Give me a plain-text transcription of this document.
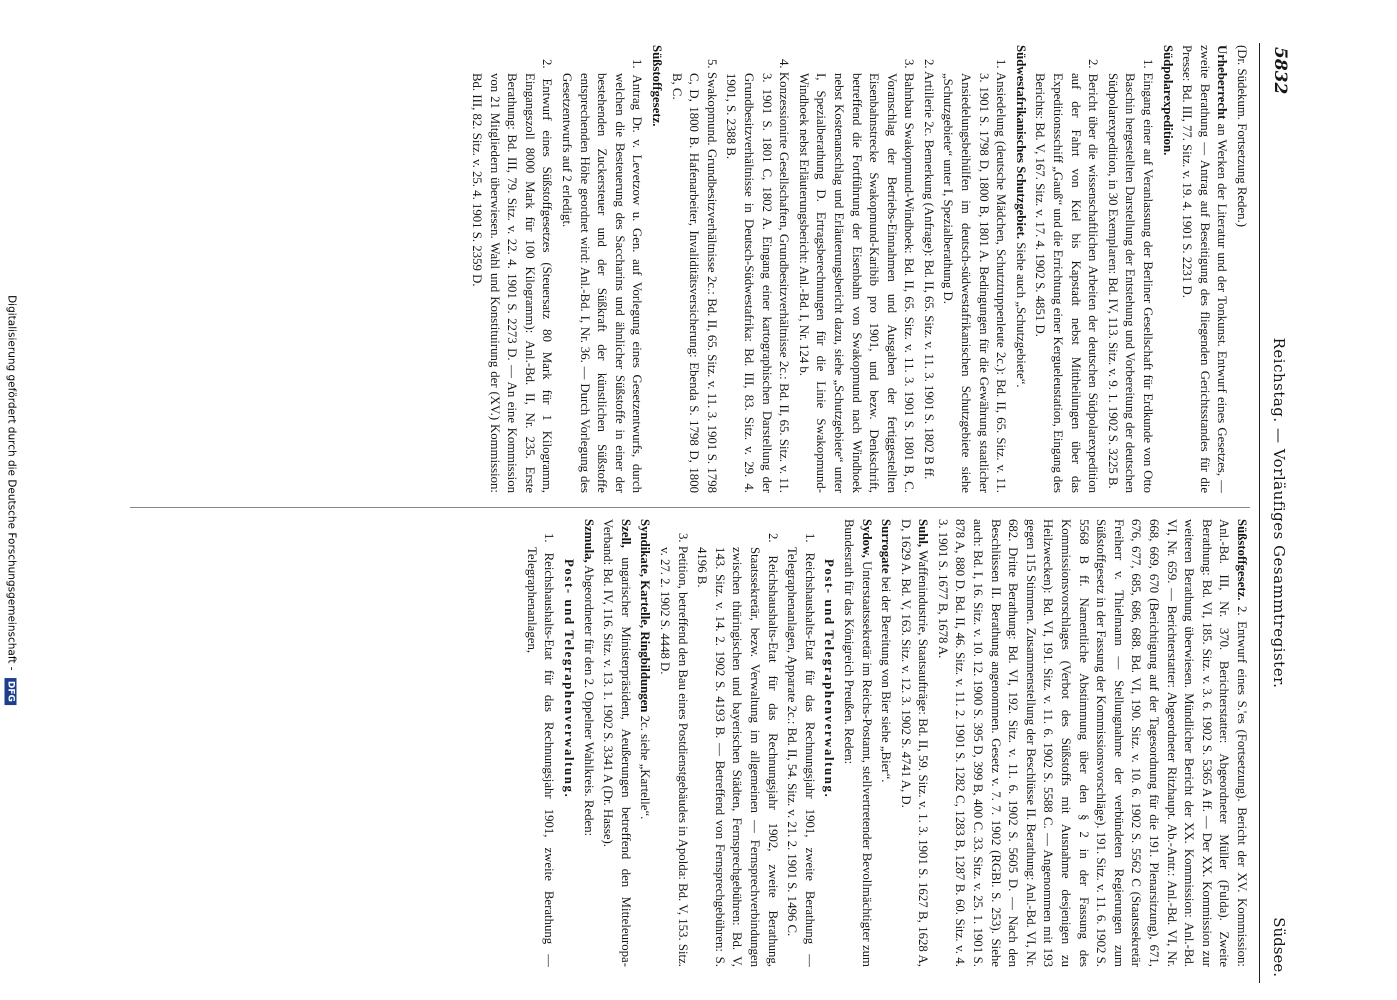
Digitalisierung gefördert durch die Deutsche Forschungsgemeinschaft - DFG
5832
Reichstag. — Vorläufiges Gesammtregister.
Südsee.

(Dr. Südekum. Fortsetzung Reden.)

Urheberrecht an Werken der Literatur und der Tonkunst. Entwurf eines Gesetzes, — zweite Berathung — Antrag auf Beseitigung des fliegenden Gerichtsstandes für die Presse: Bd. III, 77. Sitz. v. 19. 4. 1901 S. 2231 D.

Südpolarexpedition.

1. Eingang einer auf Veranlassung der Berliner Gesellschaft für Erdkunde von Otto Baschin hergestellten Darstellung der Entstehung und Vorbereitung der deutschen Südpolarexpedition, in 30 Exemplaren: Bd. IV, 113. Sitz. v. 9. 1. 1902 S. 3225 B.

2. Bericht über die wissenschaftlichen Arbeiten der deutschen Südpolarexpedition auf der Fahrt von Kiel bis Kapstadt nebst Mittheilungen über das Expeditionsschiff „Gauß“ und die Errichtung einer Kergueleustation, Eingang des Berichts: Bd. V, 167. Sitz. v. 17. 4. 1902 S. 4851 D.

Südwestafrikanisches Schutzgebiet. Siehe auch „Schutzgebiete“.

1. Ansiedelung (deutsche Mädchen, Schutztruppenleute 2c.): Bd. II, 65. Sitz. v. 11. 3. 1901 S. 1798 D, 1800 B, 1801 A. Bedingungen für die Gewährung staatlicher Ansiedelungsbeihülfen im deutsch-südwestafrikanischen Schutzgebiete siehe „Schutzgebiete“ unter I, Spezialberathung D.

2. Artillerie 2c. Bemerkung (Anfrage): Bd. II, 65. Sitz. v. 11. 3. 1901 S. 1802 B ff.

3. Bahnbau Swakopmund-Windhoek: Bd. II, 65. Sitz. v. 11. 3. 1901 S. 1801 B, C. Voranschlag der Betriebs-Einnahmen und Ausgaben der fertiggestellten Eisenbahnstrecke Swakopmund-Karibib pro 1901, und bezw. Denkschrift, betreffend die Fortführung der Eisenbahn von Swakopmund nach Windhoek nebst Kostenanschlag und Erläuterungsbericht dazu, siehe „Schutzgebiete“ unter I, Spezialberathung D. Ertragsberechnungen für die Linie Swakopmund-Windhoek nebst Erläuterungsbericht: Anl.-Bd. I, Nr. 124 b.

4. Konzessionirte Gesellschaften, Grundbesitzverhältnisse 2c.: Bd. II, 65. Sitz. v. 11. 3. 1901 S. 1801 C, 1802 A. Eingang einer kartographischen Darstellung der Grundbesitzverhältnisse in Deutsch-Südwestafrika: Bd. III, 83. Sitz. v. 29. 4. 1901, S. 2388 B.

5. Swakopmund. Grundbesitzverhältnisse 2c.: Bd. II, 65. Sitz. v. 11. 3. 1901 S. 1798 C, D, 1800 B. Hafenarbeiter, Invaliditätsversicherung: Ebenda S. 1798 D, 1800 B, C.

Süßstoffgesetz.

1. Antrag Dr. v. Levetzow u. Gen. auf Vorlegung eines Gesetzentwurfs, durch welchen die Besteuerung des Saccharins und ähnlicher Süßstoffe in einer der bestehenden Zuckersteuer und der Süßkraft der künstlichen Süßstoffe entsprechenden Höhe geordnet wird: Anl.-Bd. I, Nr. 36. — Durch Vorlegung des Gesetzentwurfs auf 2 erledigt.

2. Entwurf eines Süßstoffgesetzes (Steuersatz 80 Mark für 1 Kilogramm, Eingangszoll 8000 Mark für 100 Kilogramm): Anl.-Bd. II, Nr. 235. Erste Berathung: Bd. III, 79. Sitz. v. 22. 4. 1901 S. 2273 D. — An eine Kommission von 21 Mitgliedern überwiesen. Wahl und Konstituirung der (XV.) Kommission: Bd. III, 82. Sitz. v. 25. 4. 1901 S. 2359 D.

Süßstoffgesetz. 2. Entwurf eines S.'es (Fortsetzung). Bericht der XV. Kommission: Anl.-Bd. III, Nr. 370. Berichterstatter: Abgeordneter Müller (Fulda). Zweite Berathung: Bd. VI, 185. Sitz. v. 3. 6. 1902 S. 5365 A ff. — Der XX. Kommission zur weiteren Berathung überwiesen. Mündlicher Bericht der XX. Kommission: Anl.-Bd. VI, Nr. 659. — Berichterstatter: Abgeordneter Ritzhaupt. Ab.-Antr.: Anl.-Bd. VI, Nr. 668, 669, 670 (Berichtigung auf der Tagesordnung für die 191. Plenarsitzung), 671, 676, 677, 685, 686, 688. Bd. VI, 190. Sitz. v. 10. 6. 1902 S. 5562 C (Staatssekretär Freiherr v. Thielmann — Stellungnahme der verbündeten Regierungen zum Süßstoffgesetz in der Fassung der Kommissionsvorschläge). 191. Sitz. v. 11. 6. 1902 S. 5568 B ff. Namentliche Abstimmung über den § 2 in der Fassung des Kommissionsvorschlages (Verbot des Süßstoffs mit Ausnahme desjenigen zu Heilzwecken): Bd. VI, 191. Sitz. v. 11. 6. 1902 S. 5588 C. — Angenommen mit 193 gegen 115 Stimmen. Zusammenstellung der Beschlüsse II. Berathung: Anl.-Bd. VI, Nr. 682. Dritte Berathung: Bd. VI, 192. Sitz. v. 11. 6. 1902 S. 5605 D. — Nach den Beschlüssen II. Berathung angenommen. Gesetz v. 7. 7. 1902 (RGBl. S. 253). Siehe auch: Bd. I, 16. Sitz. v. 10. 12. 1900 S. 395 D, 399 B, 400 C. 33. Sitz. v. 25. 1. 1901 S. 878 A, 880 D. Bd. II, 46. Sitz. v. 11. 2. 1901 S. 1282 C, 1283 B, 1287 B. 60. Sitz. v. 4. 3. 1901 S. 1677 B, 1678 A.

Suhl, Waffenindustrie, Staatsaufträge: Bd. II, 59. Sitz. v. 1. 3. 1901 S. 1627 B, 1628 A, D, 1629 A. Bd. V, 163. Sitz. v. 12. 3. 1902 S. 4741 A, D.

Surrogate bei der Bereitung von Bier siehe „Bier“.

Sydow, Unterstaatssekretär im Reichs-Postamt, stellvertretender Bevollmächtigter zum Bundesrath für das Königreich Preußen. Reden:

Post- und Telegraphenverwaltung.

1. Reichshaushalts-Etat für das Rechnungsjahr 1901, zweite Berathung — Telegraphenanlagen, Apparate 2c.: Bd. II, 54. Sitz. v. 21. 2. 1901 S. 1496 C.

2. Reichshaushalts-Etat für das Rechnungsjahr 1902, zweite Berathung, Staatssekretär, bezw. Verwaltung im allgemeinen — Fernsprechverbindungen zwischen thüringischen und bayerischen Städten, Fernsprechgebühren: Bd. V, 143. Sitz. v. 14. 2. 1902 S. 4193 B. — Betreffend von Fernsprechgebühren: S. 4196 B.

3. Petition, betreffend den Bau eines Postdienstgebäudes in Apolda: Bd. V, 153. Sitz. v. 27. 2. 1902 S. 4448 D.

Syndikate, Kartelle, Ringbildungen 2c. siehe „Kartelle“.

Szell, ungarischer Ministerpräsident, Aeußerungen betreffend den Mitteleuropa-Verband: Bd. IV, 116. Sitz. v. 13. 1. 1902 S. 3341 A (Dr. Hasse).

Szmula, Abgeordneter für den 2. Oppelner Wahlkreis. Reden:

Post- und Telegraphenverwaltung.

1. Reichshaushalts-Etat für das Rechnungsjahr 1901, zweite Berathung — Telegraphenanlagen,
